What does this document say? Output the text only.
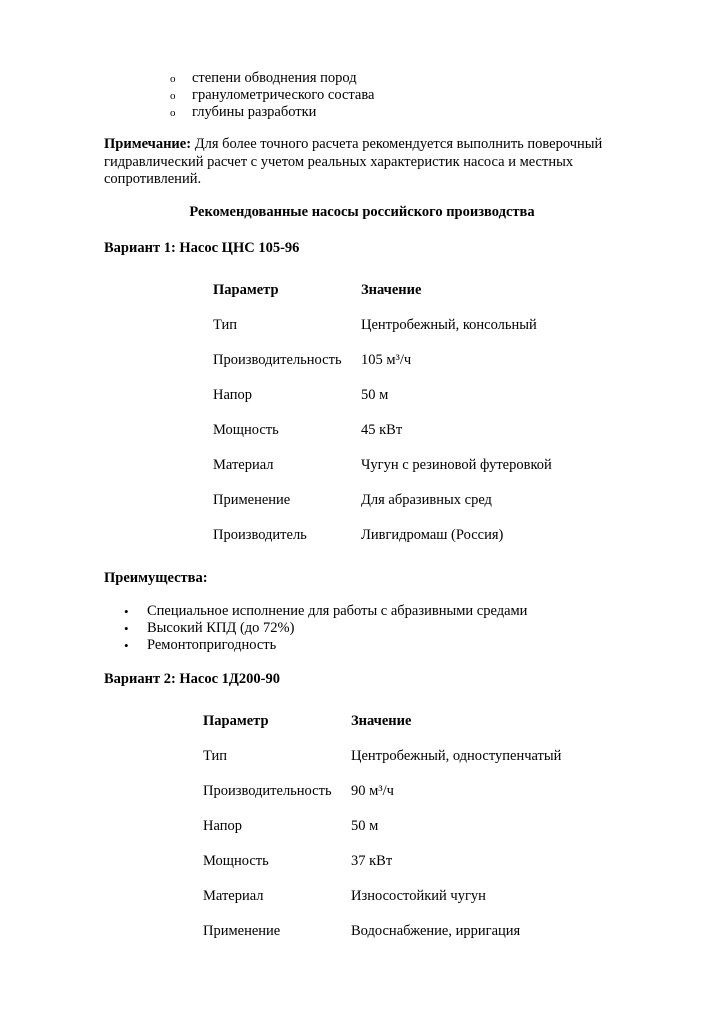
o степени обводнения пород
o гранулометрического состава
o глубины разработки
Примечание: Для более точного расчета рекомендуется выполнить поверочный
гидравлический расчет с учетом реальных характеристик насоса и местных
сопротивлений.
Рекомендованные насосы российского производства
Вариант 1: Насос ЦНС 105-96
Параметр	Значение
Тип	Центробежный, консольный
Производительность 105 м³/ч
Напор	50 м
Мощность	45 кВт
Материал	Чугун с резиновой футеровкой
Применение	Для абразивных сред
Производитель	Ливгидромаш (Россия)
Преимущества:
• Специальное исполнение для работы с абразивными средами
• Высокий КПД (до 72%)
• Ремонтопригодность
Вариант 2: Насос 1Д200-90
Параметр	Значение
Тип	Центробежный, одноступенчатый
Производительность 90 м³/ч
Напор	50 м
Мощность	37 кВт
Материал	Износостойкий чугун
Применение	Водоснабжение, ирригация
